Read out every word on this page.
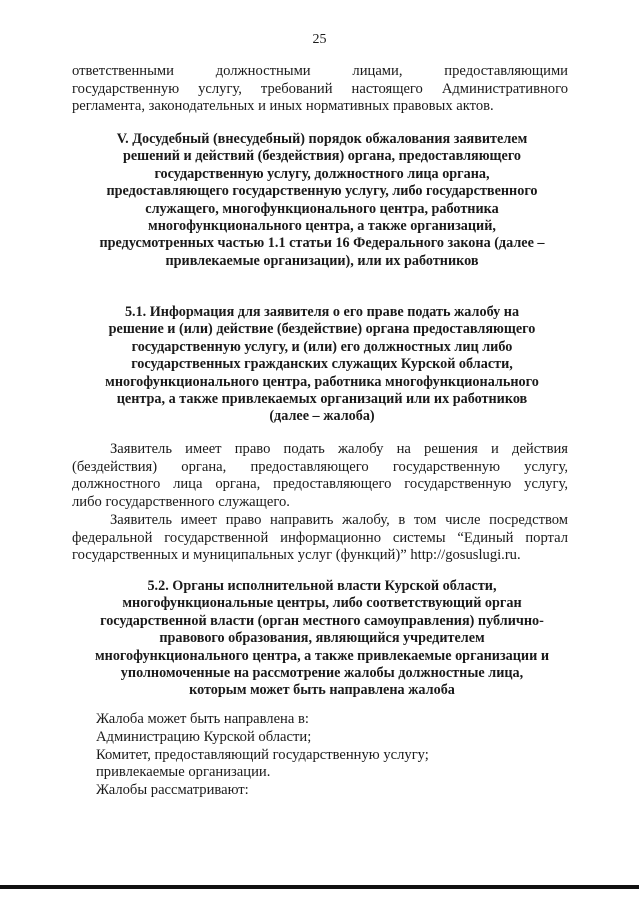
25
ответственными должностными лицами, предоставляющими
государственную услугу, требований настоящего Административного
регламента, законодательных и иных нормативных правовых актов.
V. Досудебный (внесудебный) порядок обжалования заявителем
решений и действий (бездействия) органа, предоставляющего
государственную услугу, должностного лица органа,
предоставляющего государственную услугу, либо государственного
служащего, многофункционального центра, работника
многофункционального центра, а также организаций,
предусмотренных частью 1.1 статьи 16 Федерального закона (далее –
привлекаемые организации), или их работников
5.1. Информация для заявителя о его праве подать жалобу на
решение и (или) действие (бездействие) органа предоставляющего
государственную услугу, и (или) его должностных лиц либо
государственных гражданских служащих Курской области,
многофункционального центра, работника многофункционального
центра, а также привлекаемых организаций или их работников
(далее – жалоба)
Заявитель имеет право подать жалобу на решения и действия
(бездействия) органа, предоставляющего государственную услугу,
должностного лица органа, предоставляющего государственную услугу,
либо государственного служащего.
Заявитель имеет право направить жалобу, в том числе посредством
федеральной государственной информационно системы “Единый портал
государственных и муниципальных услуг (функций)” http://gosuslugi.ru.
5.2. Органы исполнительной власти Курской области,
многофункциональные центры, либо соответствующий орган
государственной власти (орган местного самоуправления) публично-
правового образования, являющийся учредителем
многофункционального центра, а также привлекаемые организации и
уполномоченные на рассмотрение жалобы должностные лица,
которым может быть направлена жалоба
Жалоба может быть направлена в:
Администрацию Курской области;
Комитет, предоставляющий государственную услугу;
привлекаемые организации.
Жалобы рассматривают:
